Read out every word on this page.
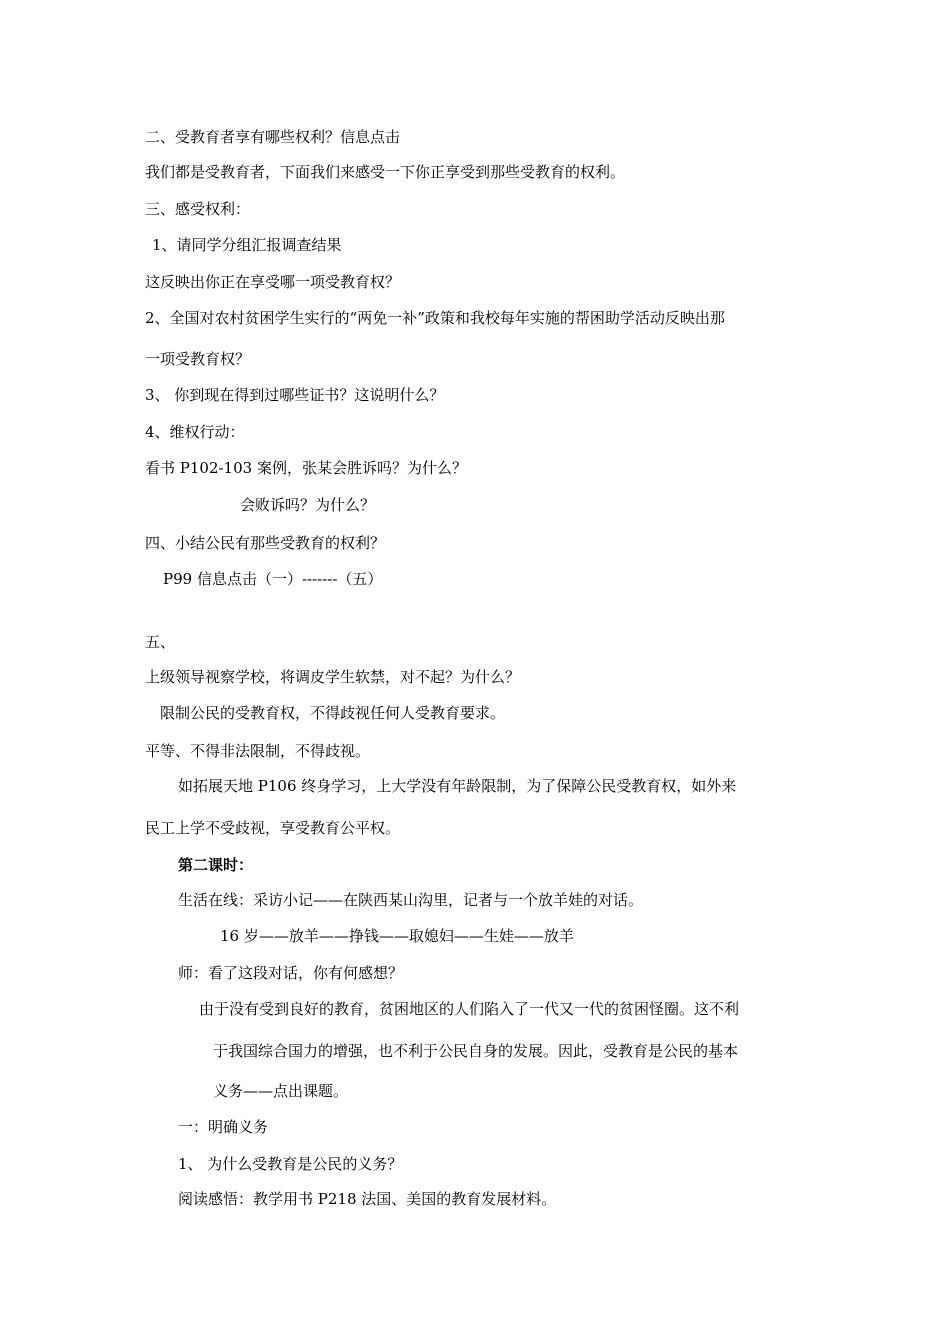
二、受教育者享有哪些权利？信息点击
我们都是受教育者，下面我们来感受一下你正享受到那些受教育的权利。
三、感受权利：
1、请同学分组汇报调查结果
这反映出你正在享受哪一项受教育权？
2、全国对农村贫困学生实行的“两免一补”政策和我校每年实施的帮困助学活动反映出那
一项受教育权？
3、 你到现在得到过哪些证书？这说明什么？
4、维权行动：
看书 P102-103 案例，张某会胜诉吗？为什么？
会败诉吗？为什么？
四、小结公民有那些受教育的权利？
P99 信息点击（一）-------（五）
五、
上级领导视察学校，将调皮学生软禁，对不起？为什么？
限制公民的受教育权，不得歧视任何人受教育要求。
平等、不得非法限制，不得歧视。
如拓展天地 P106 终身学习，上大学没有年龄限制，为了保障公民受教育权，如外来
民工上学不受歧视，享受教育公平权。
第二课时：
生活在线：采访小记——在陕西某山沟里，记者与一个放羊娃的对话。
16 岁——放羊——挣钱——取媳妇——生娃——放羊
师：看了这段对话，你有何感想？
由于没有受到良好的教育，贫困地区的人们陷入了一代又一代的贫困怪圈。这不利
于我国综合国力的增强，也不利于公民自身的发展。因此，受教育是公民的基本
义务——点出课题。
一：明确义务
1、 为什么受教育是公民的义务？
阅读感悟：教学用书 P218 法国、美国的教育发展材料。
